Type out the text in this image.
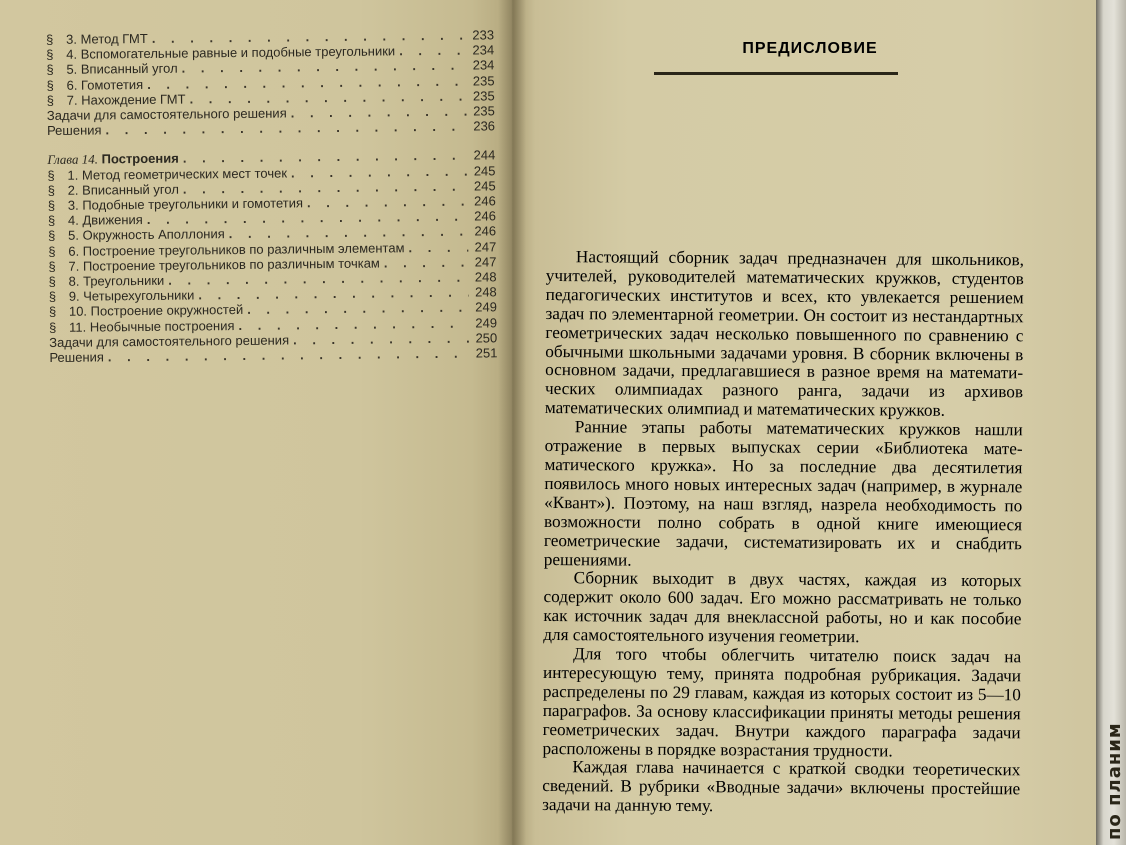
§ 3. Метод ГМТ . . .	233
§ 4. Вспомогательные равные и подобные треугольники . . .	234
§ 5. Вписанный угол . . .	234
§ 6. Гомотетия . . .	235
§ 7. Нахождение ГМТ . . .	235
Задачи для самостоятельного решения . . .	235
Решения . . .	236
Глава 14. Построения . . .	244
§ 1. Метод геометрических мест точек . . .	245
§ 2. Вписанный угол . . .	245
§ 3. Подобные треугольники и гомотетия . . .	246
§ 4. Движения . . .	246
§ 5. Окружность Аполлония . . .	246
§ 6. Построение треугольников по различным элементам . . .	247
§ 7. Построение треугольников по различным точкам . . .	247
§ 8. Треугольники . . .	248
§ 9. Четырехугольники . . .	248
§ 10. Построение окружностей . . .	249
§ 11. Необычные построения . . .	249
Задачи для самостоятельного решения . . .	250
Решения . . .	251
ПРЕДИСЛОВИЕ

Настоящий сборник задач предназначен для школьников, учителей, руководителей математических кружков, студентов педагогических институтов и всех, кто увлекается решением задач по элементарной геометрии. Он состоит из нестандартных геометрических задач несколько повышенного по сравнению с обычными школьными задачами уровня. В сборник включены в основном задачи, предлагавшиеся в разное время на математических олимпиадах разного ранга, задачи из архивов математических олимпиад и математических кружков.

Ранние этапы работы математических кружков нашли отражение в первых выпусках серии «Библиотека математического кружка». Но за последние два десятилетия появилось много новых интересных задач (например, в журнале «Квант»). Поэтому, на наш взгляд, назрела необходимость по возможности полно собрать в одной книге имеющиеся геометрические задачи, систематизировать их и снабдить решениями.

Сборник выходит в двух частях, каждая из которых содержит около 600 задач. Его можно рассматривать не только как источник задач для внеклассной работы, но и как пособие для самостоятельного изучения геометрии.

Для того чтобы облегчить читателю поиск задач на интересующую тему, принята подробная рубрикация. Задачи распределены по 29 главам, каждая из которых состоит из 5—10 параграфов. За основу классификации приняты методы решения геометрических задач. Внутри каждого параграфа задачи расположены в порядке возрастания трудности.

Каждая глава начинается с краткой сводки теоретических сведений. В рубрики «Вводные задачи» включены простейшие задачи на данную тему.	по планим
